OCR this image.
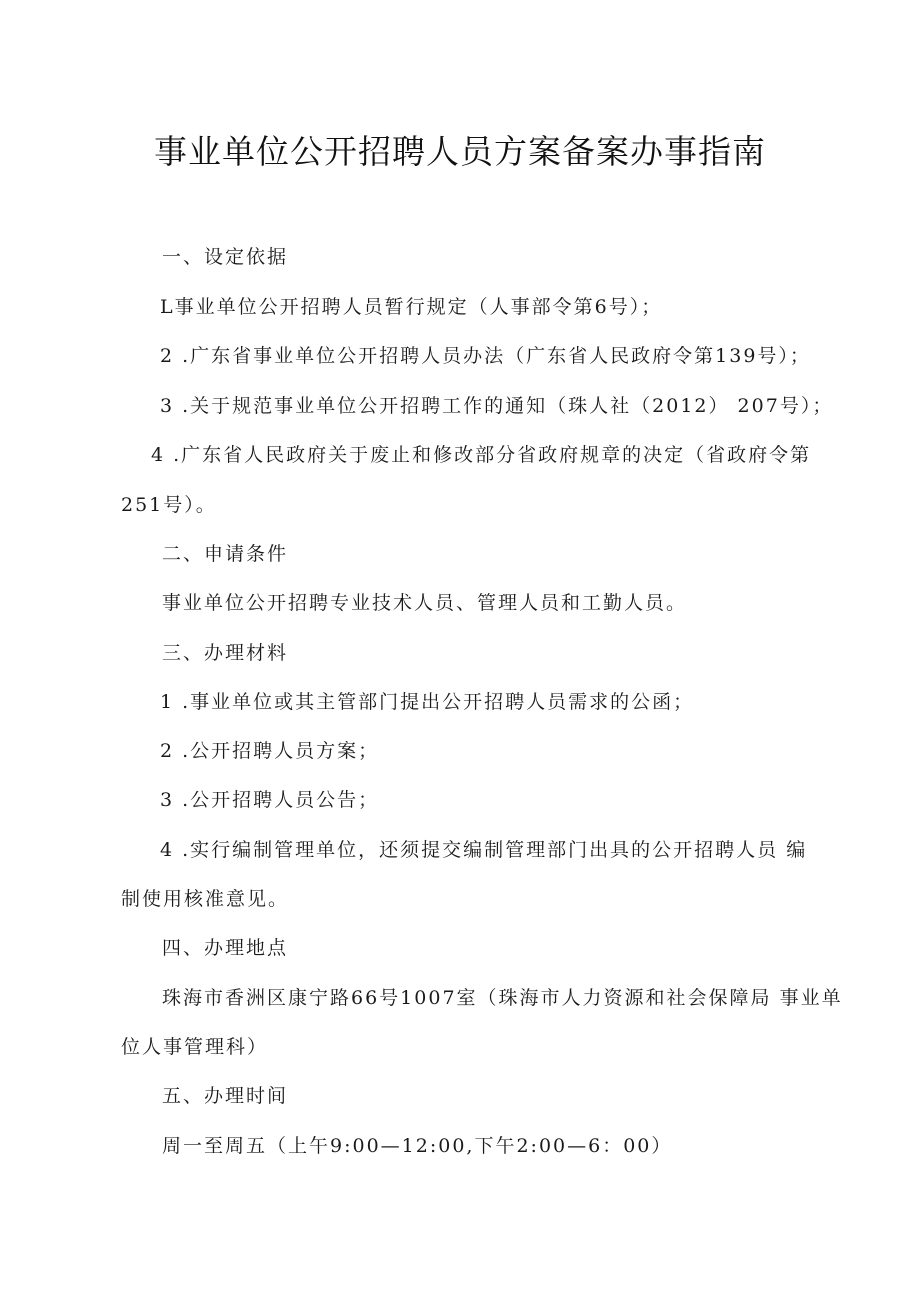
事业单位公开招聘人员方案备案办事指南
一、设定依据
L事业单位公开招聘人员暂行规定（人事部令第6号）；
2 .广东省事业单位公开招聘人员办法（广东省人民政府令第139号）；
3 .关于规范事业单位公开招聘工作的通知（珠人社（2012） 207号）；
4 .广东省人民政府关于废止和修改部分省政府规章的决定（省政府令第
251号）。
二、申请条件
事业单位公开招聘专业技术人员、管理人员和工勤人员。
三、办理材料
1 .事业单位或其主管部门提出公开招聘人员需求的公函；
2 .公开招聘人员方案；
3 .公开招聘人员公告；
4 .实行编制管理单位，还须提交编制管理部门出具的公开招聘人员 编
制使用核准意见。
四、办理地点
珠海市香洲区康宁路66号1007室（珠海市人力资源和社会保障局 事业单
位人事管理科）
五、办理时间
周一至周五（上午9:00—12:00,下午2:00—6：00）
